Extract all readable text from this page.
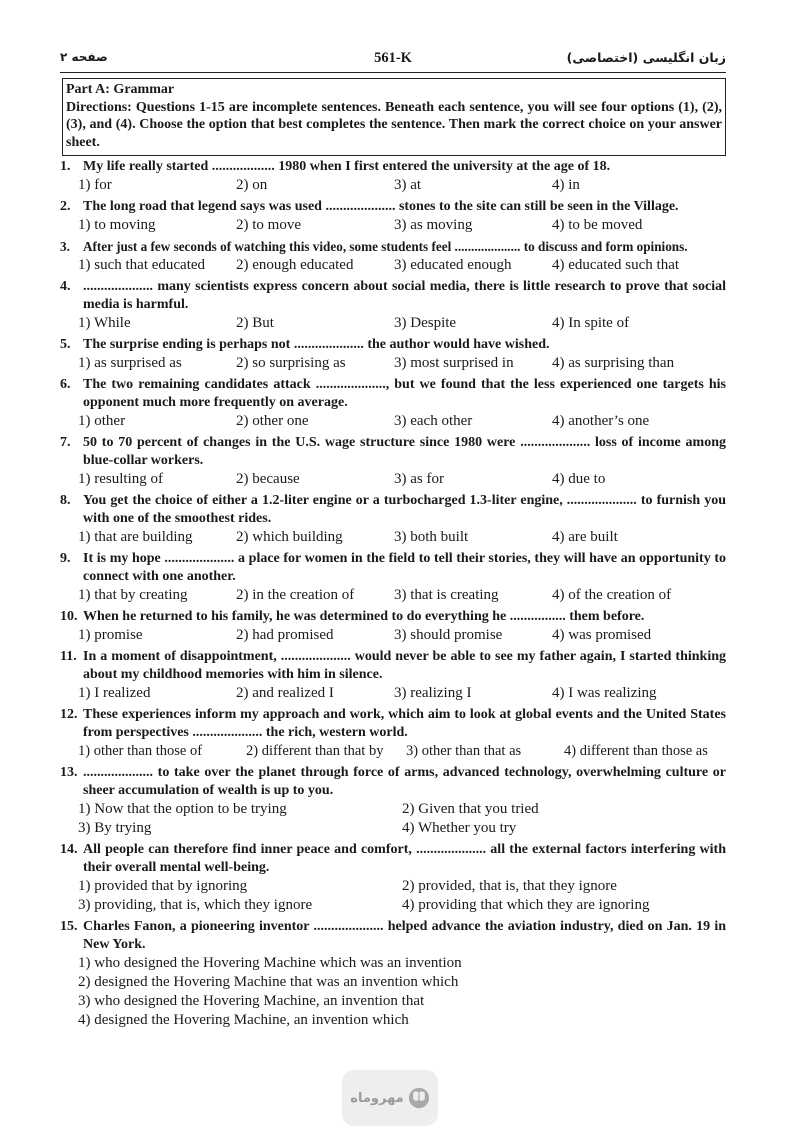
صفحه ۲	561-K	زبان انگلیسی (اختصاصی)
Part A: Grammar
Directions: Questions 1-15 are incomplete sentences. Beneath each sentence, you will see four options (1), (2), (3), and (4). Choose the option that best completes the sentence. Then mark the correct choice on your answer sheet.
1. My life really started .................. 1980 when I first entered the university at the age of 18.
1) for	2) on	3) at	4) in
2. The long road that legend says was used .................... stones to the site can still be seen in the Village.
1) to moving	2) to move	3) as moving	4) to be moved
3. After just a few seconds of watching this video, some students feel .................... to discuss and form opinions.
1) such that educated	2) enough educated	3) educated enough	4) educated such that
4. .................... many scientists express concern about social media, there is little research to prove that social media is harmful.
1) While	2) But	3) Despite	4) In spite of
5. The surprise ending is perhaps not .................... the author would have wished.
1) as surprised as	2) so surprising as	3) most surprised in	4) as surprising than
6. The two remaining candidates attack ...................., but we found that the less experienced one targets his opponent much more frequently on average.
1) other	2) other one	3) each other	4) another’s one
7. 50 to 70 percent of changes in the U.S. wage structure since 1980 were .................... loss of income among blue-collar workers.
1) resulting of	2) because	3) as for	4) due to
8. You get the choice of either a 1.2-liter engine or a turbocharged 1.3-liter engine, .................... to furnish you with one of the smoothest rides.
1) that are building	2) which building	3) both built	4) are built
9. It is my hope .................... a place for women in the field to tell their stories, they will have an opportunity to connect with one another.
1) that by creating	2) in the creation of	3) that is creating	4) of the creation of
10. When he returned to his family, he was determined to do everything he ................ them before.
1) promise	2) had promised	3) should promise	4) was promised
11. In a moment of disappointment, .................... would never be able to see my father again, I started thinking about my childhood memories with him in silence.
1) I realized	2) and realized I	3) realizing I	4) I was realizing
12. These experiences inform my approach and work, which aim to look at global events and the United States from perspectives .................... the rich, western world.
1) other than those of	2) different than that by	3) other than that as	4) different than those as
13. .................... to take over the planet through force of arms, advanced technology, overwhelming culture or sheer accumulation of wealth is up to you.
1) Now that the option to be trying	2) Given that you tried
3) By trying	4) Whether you try
14. All people can therefore find inner peace and comfort, .................... all the external factors interfering with their overall mental well-being.
1) provided that by ignoring	2) provided, that is, that they ignore
3) providing, that is, which they ignore	4) providing that which they are ignoring
15. Charles Fanon, a pioneering inventor .................... helped advance the aviation industry, died on Jan. 19 in New York.
1) who designed the Hovering Machine which was an invention
2) designed the Hovering Machine that was an invention which
3) who designed the Hovering Machine, an invention that
4) designed the Hovering Machine, an invention which
مهروماه
